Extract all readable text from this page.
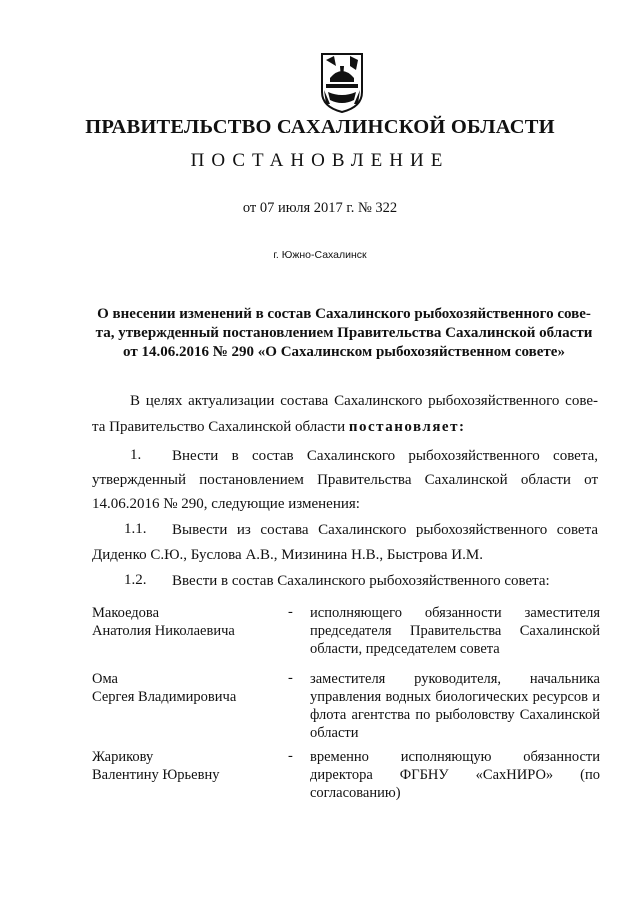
ПРАВИТЕЛЬСТВО САХАЛИНСКОЙ ОБЛАСТИ
ПОСТАНОВЛЕНИЕ
от 07 июля 2017 г. № 322
г. Южно-Сахалинск
О внесении изменений в состав Сахалинского рыбохозяйственного сове-
та, утвержденный постановлением Правительства Сахалинской области
от 14.06.2016 № 290 «О Сахалинском рыбохозяйственном совете»
В целях актуализации состава Сахалинского рыбохозяйственного сове-
та Правительство Сахалинской области постановляет:
1. Внести в состав Сахалинского рыбохозяйственного совета,
утвержденный постановлением Правительства Сахалинской области от
14.06.2016 № 290, следующие изменения:
1.1. Вывести из состава Сахалинского рыбохозяйственного совета
Диденко С.Ю., Буслова А.В., Мизинина Н.В., Быстрова И.М.
1.2. Ввести в состав Сахалинского рыбохозяйственного совета:
Макоедова
Анатолия Николаевича
-	исполняющего обязанности заместителя председателя Правительства Сахалинской области, председателем совета
Ома
Сергея Владимировича
-	заместителя руководителя, начальника управления водных биологических ресурсов и флота агентства по рыболовству Сахалинской области
Жарикову
Валентину Юрьевну
-	временно исполняющую обязанности директора ФГБНУ «СахНИРО» (по согласованию)
